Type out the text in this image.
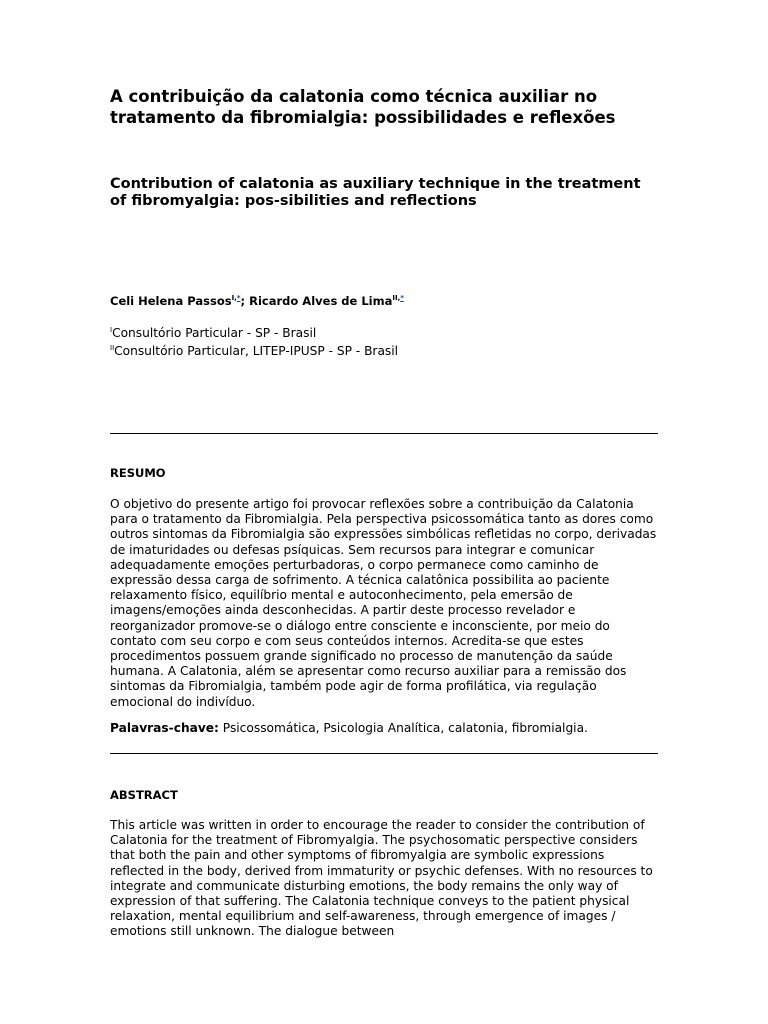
A contribuição da calatonia como técnica auxiliar no tratamento da fibromialgia: possibilidades e reflexões
Contribution of calatonia as auxiliary technique in the treatment of fibromyalgia: pos-sibilities and reflections
Celi Helena Passos$^{I,*}$; Ricardo Alves de Lima$^{II,*}$
$^I$Consultório Particular - SP - Brasil
$^{II}$Consultório Particular, LITEP-IPUSP - SP - Brasil
RESUMO

O objetivo do presente artigo foi provocar reflexões sobre a contribuição da Calatonia para o tratamento da Fibromialgia. Pela perspectiva psicossomática tanto as dores como outros sintomas da Fibromialgia são expressões simbólicas refletidas no corpo, derivadas de imaturidades ou defesas psíquicas. Sem recursos para integrar e comunicar adequadamente emoções perturbadoras, o corpo permanece como caminho de expressão dessa carga de sofrimento. A técnica calatônica possibilita ao paciente relaxamento físico, equilíbrio mental e autoconhecimento, pela emersão de imagens/emoções ainda desconhecidas. A partir deste processo revelador e reorganizador promove-se o diálogo entre consciente e inconsciente, por meio do contato com seu corpo e com seus conteúdos internos. Acredita-se que estes procedimentos possuem grande significado no processo de manutenção da saúde humana. A Calatonia, além se apresentar como recurso auxiliar para a remissão dos sintomas da Fibromialgia, também pode agir de forma profilática, via regulação emocional do indivíduo.

Palavras-chave: Psicossomática, Psicologia Analítica, calatonia, fibromialgia.

ABSTRACT

This article was written in order to encourage the reader to consider the contribution of Calatonia for the treatment of Fibromyalgia. The psychosomatic perspective considers that both the pain and other symptoms of fibromyalgia are symbolic expressions reflected in the body, derived from immaturity or psychic defenses. With no resources to integrate and communicate disturbing emotions, the body remains the only way of expression of that suffering. The Calatonia technique conveys to the patient physical relaxation, mental equilibrium and self-awareness, through emergence of images / emotions still unknown. The dialogue between
